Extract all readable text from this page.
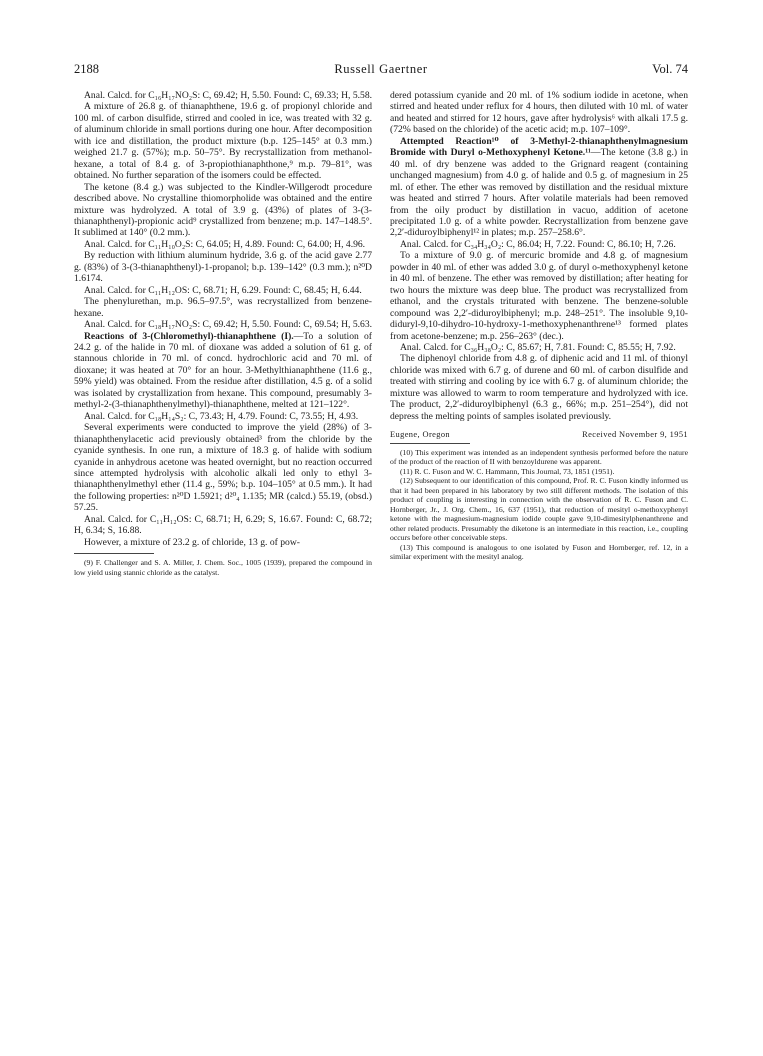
2188	Russell Gaertner	Vol. 74

Anal. Calcd. for C₁₆H₁₇NO₂S: C, 69.42; H, 5.50. Found: C, 69.33; H, 5.58.

A mixture of 26.8 g. of thianaphthene, 19.6 g. of propionyl chloride and 100 ml. of carbon disulfide, stirred and cooled in ice, was treated with 32 g. of aluminum chloride in small portions during one hour. After decomposition with ice and distillation, the product mixture (b.p. 125–145° at 0.3 mm.) weighed 21.7 g. (57%); m.p. 50–75°. By recrystallization from methanol-hexane, a total of 8.4 g. of 3-propiothianaphthone,⁹ m.p. 79–81°, was obtained. No further separation of the isomers could be effected.

The ketone (8.4 g.) was subjected to the Kindler-Willgerodt procedure described above. No crystalline thiomorpholide was obtained and the entire mixture was hydrolyzed. A total of 3.9 g. (43%) of plates of 3-(3-thianaphthenyl)-propionic acid⁹ crystallized from benzene; m.p. 147–148.5°. It sublimed at 140° (0.2 mm.).

Anal. Calcd. for C₁₁H₁₀O₂S: C, 64.05; H, 4.89. Found: C, 64.00; H, 4.96.

By reduction with lithium aluminum hydride, 3.6 g. of the acid gave 2.77 g. (83%) of 3-(3-thianaphthenyl)-1-propanol; b.p. 139–142° (0.3 mm.); n²⁰D 1.6174.

Anal. Calcd. for C₁₁H₁₂OS: C, 68.71; H, 6.29. Found: C, 68.45; H, 6.44.

The phenylurethan, m.p. 96.5–97.5°, was recrystallized from benzene-hexane.

Anal. Calcd. for C₁₈H₁₇NO₂S: C, 69.42; H, 5.50. Found: C, 69.54; H, 5.63.

Reactions of 3-(Chloromethyl)-thianaphthene (I).—To a solution of 24.2 g. of the halide in 70 ml. of dioxane was added a solution of 61 g. of stannous chloride in 70 ml. of concd. hydrochloric acid and 70 ml. of dioxane; it was heated at 70° for an hour. 3-Methylthianaphthene (11.6 g., 59% yield) was obtained. From the residue after distillation, 4.5 g. of a solid was isolated by crystallization from hexane. This compound, presumably 3-methyl-2-(3-thianaphthenylmethyl)-thianaphthene, melted at 121–122°.

Anal. Calcd. for C₁₈H₁₄S₂: C, 73.43; H, 4.79. Found: C, 73.55; H, 4.93.

Several experiments were conducted to improve the yield (28%) of 3-thianaphthenylacetic acid previously obtained³ from the chloride by the cyanide synthesis. In one run, a mixture of 18.3 g. of halide with sodium cyanide in anhydrous acetone was heated overnight, but no reaction occurred since attempted hydrolysis with alcoholic alkali led only to ethyl 3-thianaphthenylmethyl ether (11.4 g., 59%; b.p. 104–105° at 0.5 mm.). It had the following properties: n²⁰D 1.5921; d²⁰₄ 1.135; MR (calcd.) 55.19, (obsd.) 57.25.

Anal. Calcd. for C₁₁H₁₂OS: C, 68.71; H, 6.29; S, 16.67. Found: C, 68.72; H, 6.34; S, 16.88.

However, a mixture of 23.2 g. of chloride, 13 g. of pow-

(9) F. Challenger and S. A. Miller, J. Chem. Soc., 1005 (1939), prepared the compound in low yield using stannic chloride as the catalyst.

dered potassium cyanide and 20 ml. of 1% sodium iodide in acetone, when stirred and heated under reflux for 4 hours, then diluted with 10 ml. of water and heated and stirred for 12 hours, gave after hydrolysis⁶ with alkali 17.5 g. (72% based on the chloride) of the acetic acid; m.p. 107–109°.

Attempted Reaction¹⁰ of 3-Methyl-2-thianaphthenylmagnesium Bromide with Duryl o-Methoxyphenyl Ketone.¹¹—The ketone (3.8 g.) in 40 ml. of dry benzene was added to the Grignard reagent (containing unchanged magnesium) from 4.0 g. of halide and 0.5 g. of magnesium in 25 ml. of ether. The ether was removed by distillation and the residual mixture was heated and stirred 7 hours. After volatile materials had been removed from the oily product by distillation in vacuo, addition of acetone precipitated 1.0 g. of a white powder. Recrystallization from benzene gave 2,2′-diduroylbiphenyl¹² in plates; m.p. 257–258.6°.

Anal. Calcd. for C₃₄H₃₄O₂: C, 86.04; H, 7.22. Found: C, 86.10; H, 7.26.

To a mixture of 9.0 g. of mercuric bromide and 4.8 g. of magnesium powder in 40 ml. of ether was added 3.0 g. of duryl o-methoxyphenyl ketone in 40 ml. of benzene. The ether was removed by distillation; after heating for two hours the mixture was deep blue. The product was recrystallized from ethanol, and the crystals triturated with benzene. The benzene-soluble compound was 2,2′-diduroylbiphenyl; m.p. 248–251°. The insoluble 9,10-diduryl-9,10-dihydro-10-hydroxy-1-methoxyphenanthrene¹³ formed plates from acetone-benzene; m.p. 256–263° (dec.).

Anal. Calcd. for C₃₆H₃₈O₂: C, 85.67; H, 7.81. Found: C, 85.55; H, 7.92.

The diphenoyl chloride from 4.8 g. of diphenic acid and 11 ml. of thionyl chloride was mixed with 6.7 g. of durene and 60 ml. of carbon disulfide and treated with stirring and cooling by ice with 6.7 g. of aluminum chloride; the mixture was allowed to warm to room temperature and hydrolyzed with ice. The product, 2,2′-diduroylbiphenyl (6.3 g., 66%; m.p. 251–254°), did not depress the melting points of samples isolated previously.

Eugene, Oregon	Received November 9, 1951

(10) This experiment was intended as an independent synthesis performed before the nature of the product of the reaction of II with benzoyldurene was apparent.

(11) R. C. Fuson and W. C. Hammann, This Journal, 73, 1851 (1951).

(12) Subsequent to our identification of this compound, Prof. R. C. Fuson kindly informed us that it had been prepared in his laboratory by two still different methods. The isolation of this product of coupling is interesting in connection with the observation of R. C. Fuson and C. Hornberger, Jr., J. Org. Chem., 16, 637 (1951), that reduction of mesityl o-methoxyphenyl ketone with the magnesium-magnesium iodide couple gave 9,10-dimesitylphenanthrene and other related products. Presumably the diketone is an intermediate in this reaction, i.e., coupling occurs before other conceivable steps.

(13) This compound is analogous to one isolated by Fuson and Hornberger, ref. 12, in a similar experiment with the mesityl analog.
